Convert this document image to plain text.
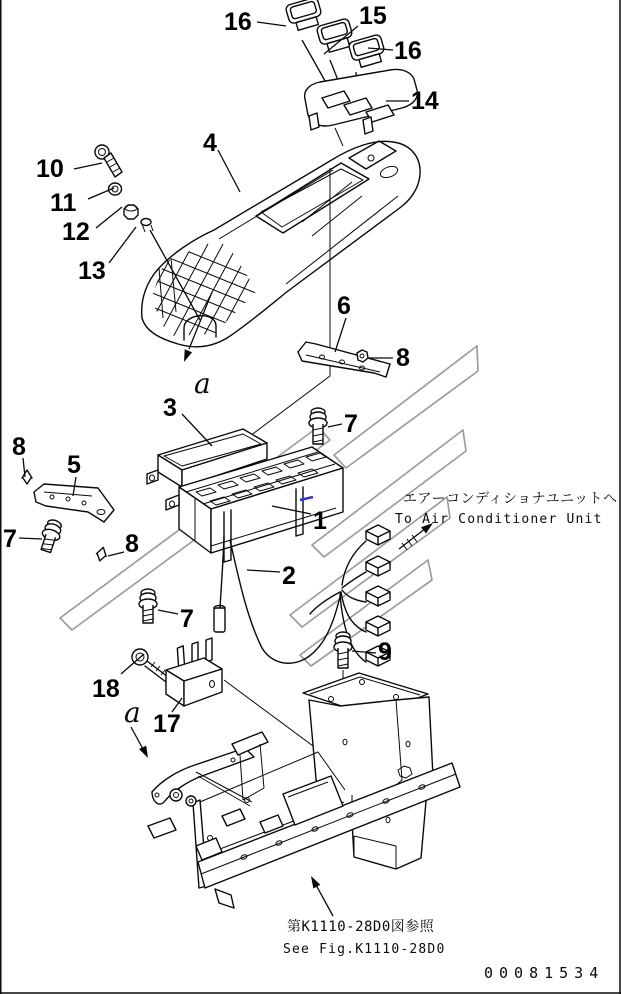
16	15
16
14
4
10
11
12
13
6
8
3
7
8
5
7	8
1
2
7
9
18
17
a
a
エアーコンディショナユニットへ
To Air Conditioner Unit
第K1110-28D0図参照
See Fig.K1110-28D0
00081534
